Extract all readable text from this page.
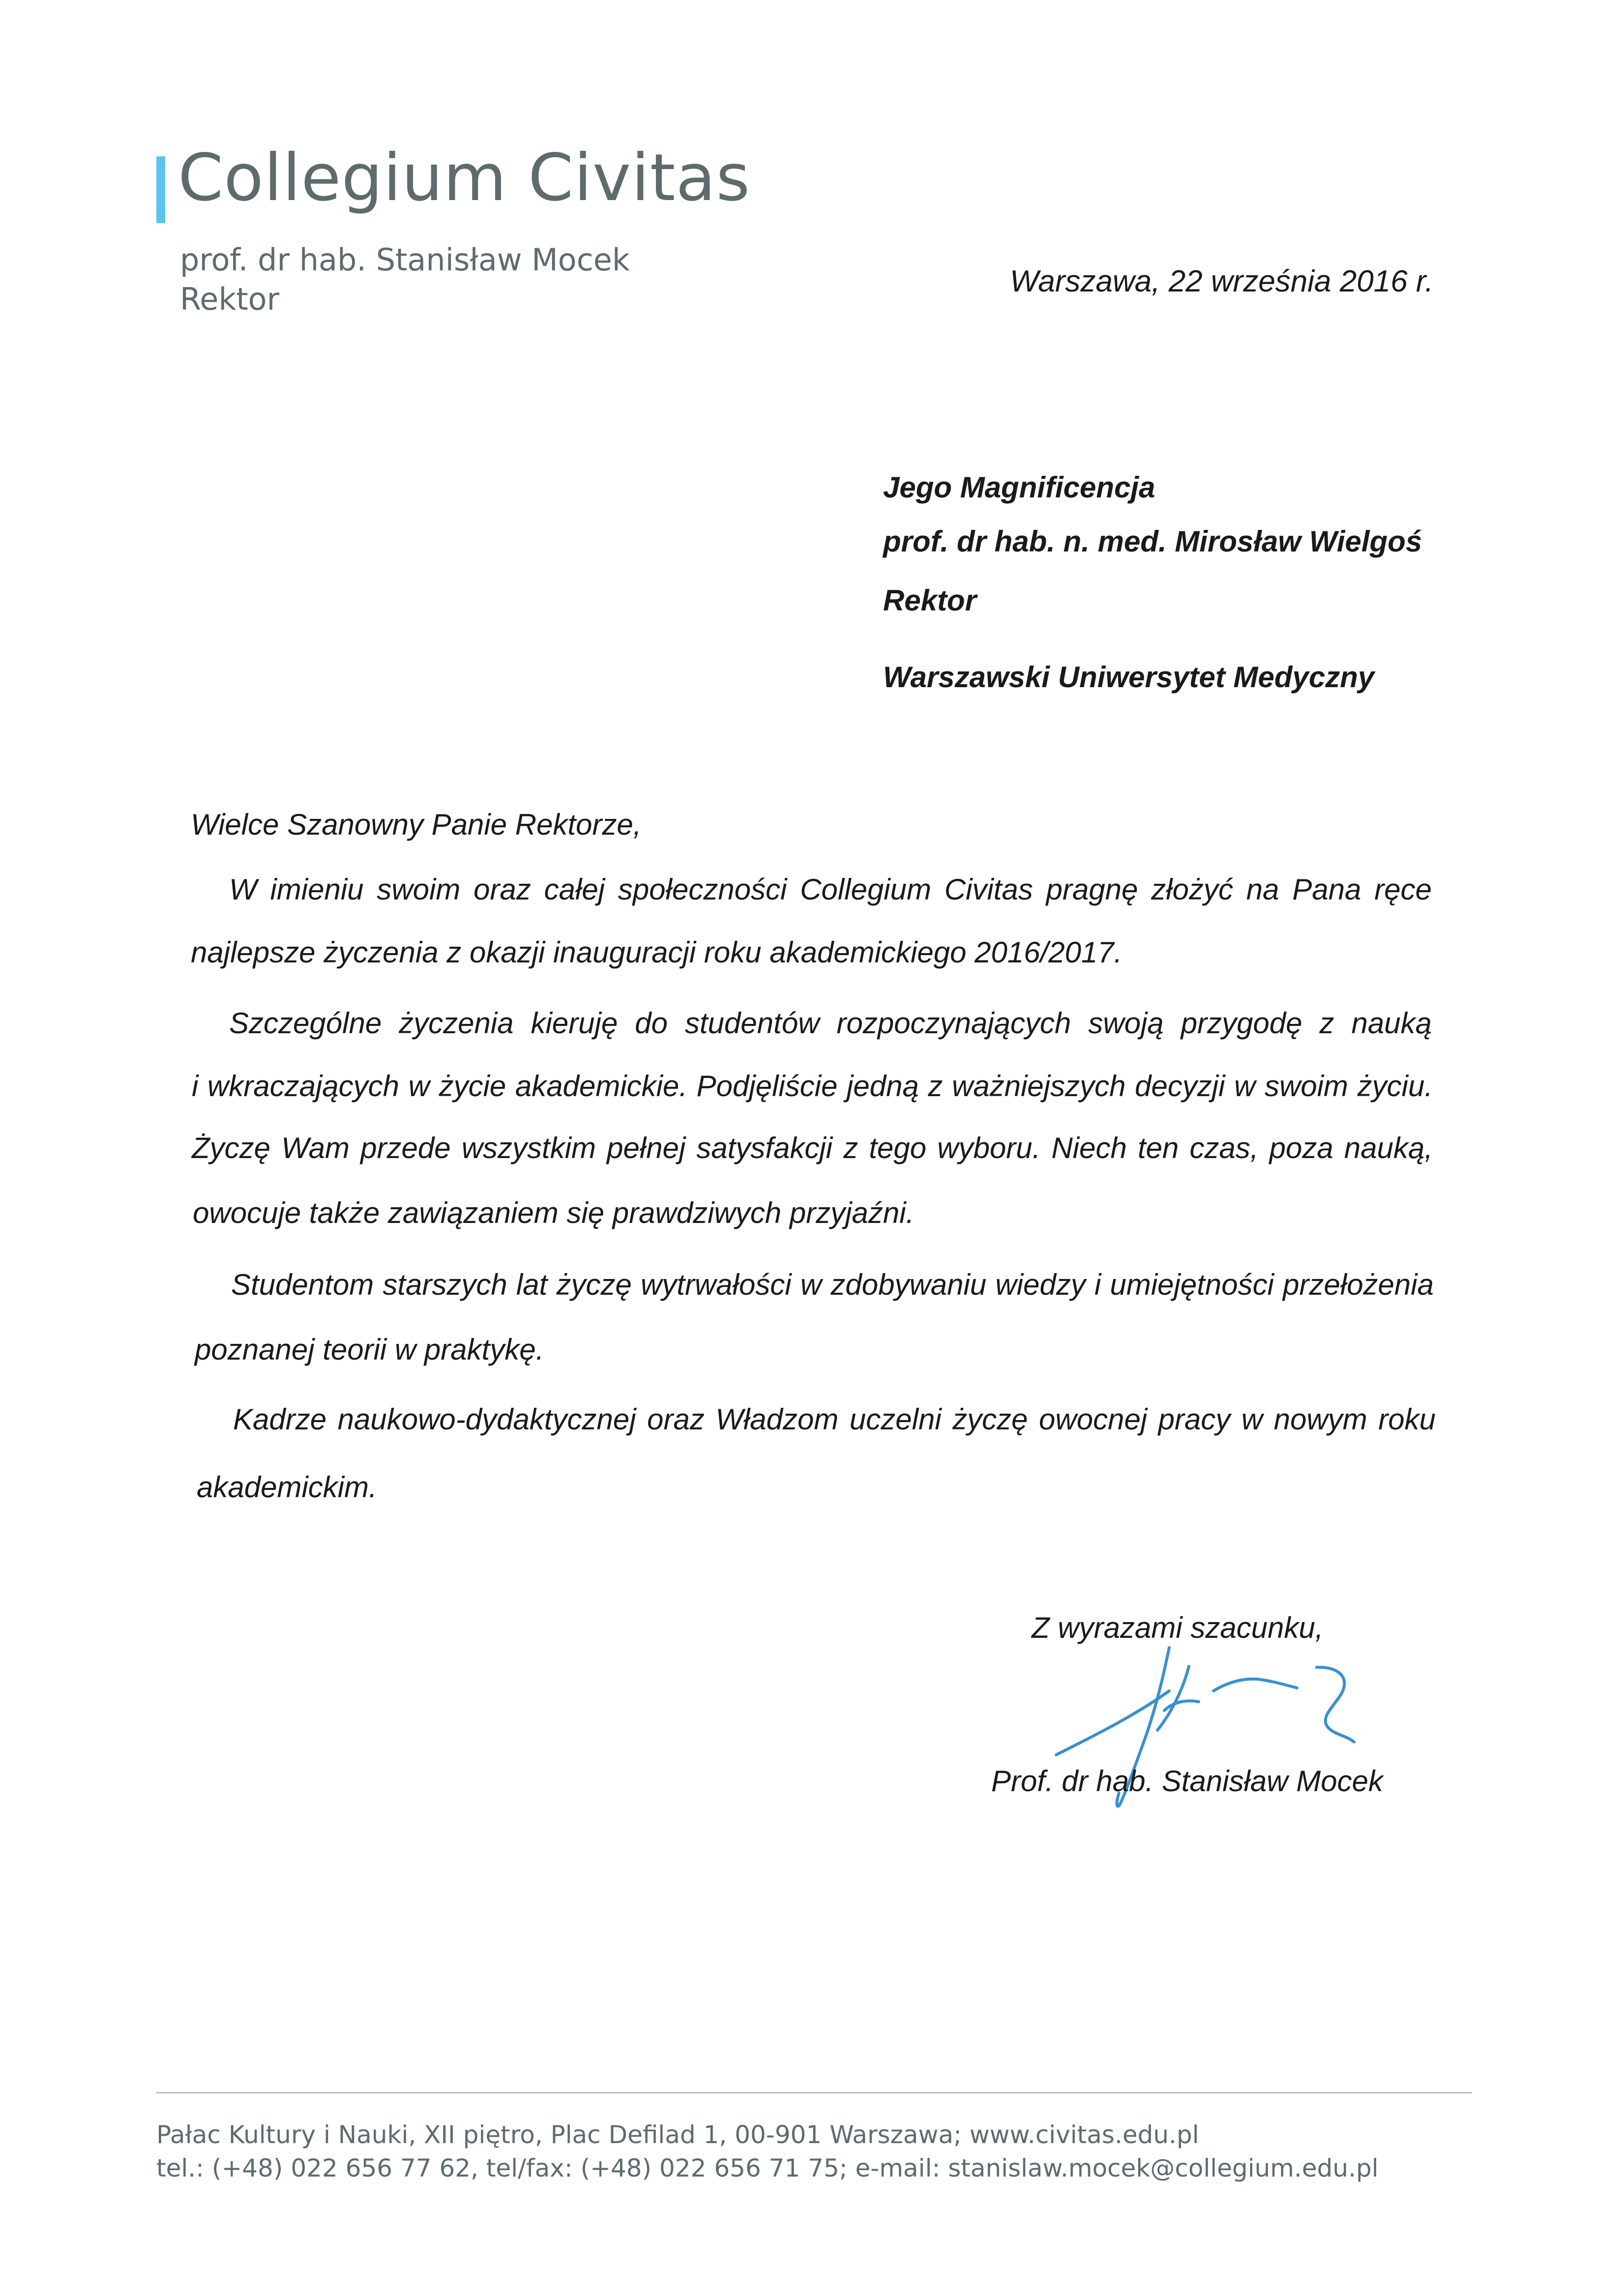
Collegium Civitas
prof. dr hab. Stanisław Mocek
Rektor	Warszawa, 22 września 2016 r.
Jego Magnificencja
prof. dr hab. n. med. Mirosław Wielgoś
Rektor
Warszawski Uniwersytet Medyczny
Wielce Szanowny Panie Rektorze,
W imieniu swoim oraz całej społeczności Collegium Civitas pragnę złożyć na Pana ręce
najlepsze życzenia z okazji inauguracji roku akademickiego 2016/2017.
Szczególne życzenia kieruję do studentów rozpoczynających swoją przygodę z nauką
i wkraczających w życie akademickie. Podjęliście jedną z ważniejszych decyzji w swoim życiu.
Życzę Wam przede wszystkim pełnej satysfakcji z tego wyboru. Niech ten czas, poza nauką,
owocuje także zawiązaniem się prawdziwych przyjaźni.
Studentom starszych lat życzę wytrwałości w zdobywaniu wiedzy i umiejętności przełożenia
poznanej teorii w praktykę.
Kadrze naukowo-dydaktycznej oraz Władzom uczelni życzę owocnej pracy w nowym roku
akademickim.
Z wyrazami szacunku,
Prof. dr hab. Stanisław Mocek
Pałac Kultury i Nauki, XII piętro, Plac Defilad 1, 00-901 Warszawa; www.civitas.edu.pl
tel.: (+48) 022 656 77 62, tel/fax: (+48) 022 656 71 75; e-mail: stanislaw.mocek@collegium.edu.pl
